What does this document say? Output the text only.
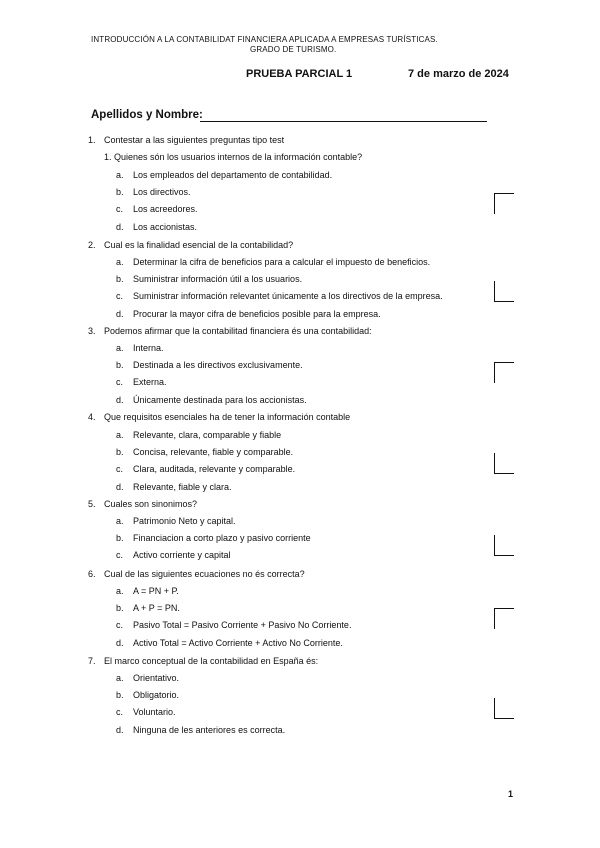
INTRODUCCIÓN A LA CONTABILIDAT FINANCIERA APLICADA A EMPRESAS TURÍSTICAS.
GRADO DE TURISMO.
PRUEBA PARCIAL 1	7 de marzo de 2024
Apellidos y Nombre:
1. Contestar a las siguientes preguntas tipo test
1. Quienes són los usuarios internos de la información contable?
a. Los empleados del departamento de contabilidad.
b. Los directivos.
c. Los acreedores.
d. Los accionistas.
2. Cual es la finalidad esencial de la contabilidad?
a. Determinar la cifra de beneficios para a calcular el impuesto de beneficios.
b. Suministrar información útil a los usuarios.
c. Suministrar información relevantet únicamente a los directivos de la empresa.
d. Procurar la mayor cifra de beneficios posible para la empresa.
3. Podemos afirmar que la contabilitad financiera és una contabilidad:
a. Interna.
b. Destinada a les directivos exclusivamente.
c. Externa.
d. Únicamente destinada para los accionistas.
4. Que requisitos esenciales ha de tener la información contable
a. Relevante, clara, comparable y fiable
b. Concisa, relevante, fiable y comparable.
c. Clara, auditada, relevante y comparable.
d. Relevante, fiable y clara.
5. Cuales son sinonimos?
a. Patrimonio Neto y capital.
b. Financiacion a corto plazo y pasivo corriente
c. Activo corriente y capital
6. Cual de las siguientes ecuaciones no és correcta?
a. A = PN + P.
b. A + P = PN.
c. Pasivo Total = Pasivo Corriente + Pasivo No Corriente.
d. Activo Total = Activo Corriente + Activo No Corriente.
7. El marco conceptual de la contabilidad en España és:
a. Orientativo.
b. Obligatorio.
c. Voluntario.
d. Ninguna de les anteriores es correcta.
1
